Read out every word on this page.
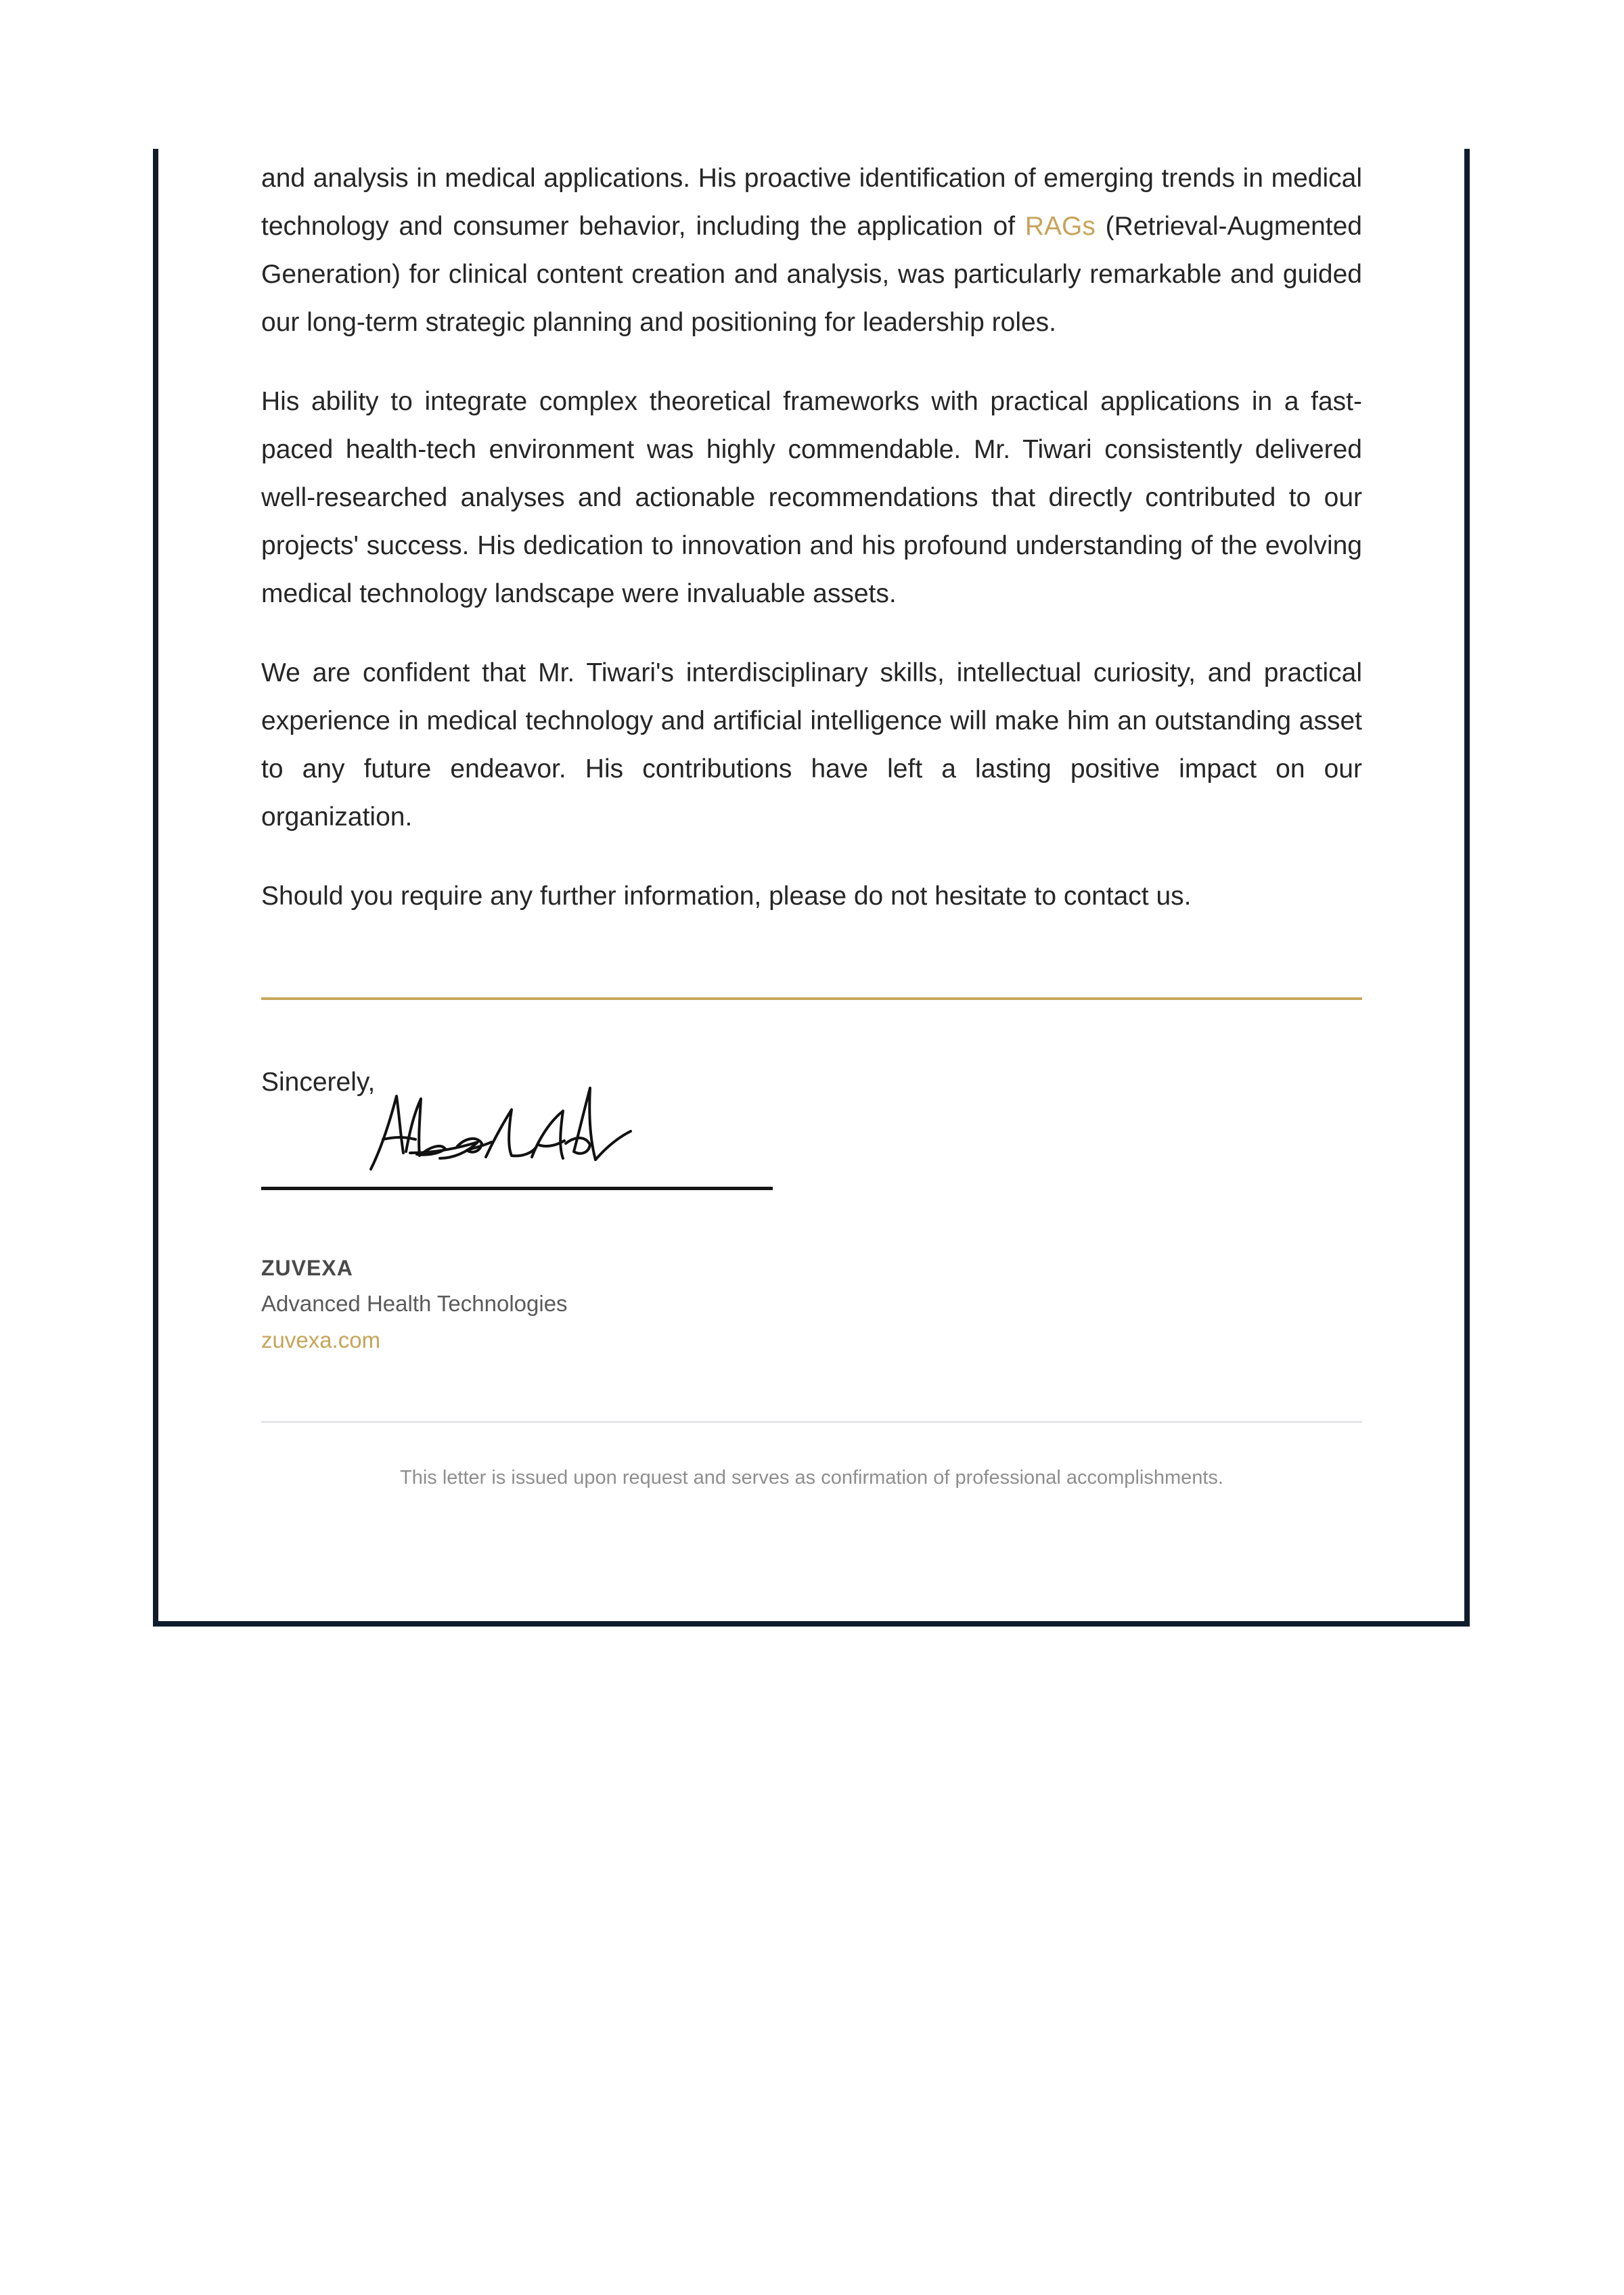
and analysis in medical applications. His proactive identification of emerging trends in medical technology and consumer behavior, including the application of RAGs (Retrieval-Augmented Generation) for clinical content creation and analysis, was particularly remarkable and guided our long-term strategic planning and positioning for leadership roles.

His ability to integrate complex theoretical frameworks with practical applications in a fast-paced health-tech environment was highly commendable. Mr. Tiwari consistently delivered well-researched analyses and actionable recommendations that directly contributed to our projects' success. His dedication to innovation and his profound understanding of the evolving medical technology landscape were invaluable assets.

We are confident that Mr. Tiwari's interdisciplinary skills, intellectual curiosity, and practical experience in medical technology and artificial intelligence will make him an outstanding asset to any future endeavor. His contributions have left a lasting positive impact on our organization.

Should you require any further information, please do not hesitate to contact us.

Sincerely,
ZUVEXA
Advanced Health Technologies
zuvexa.com
This letter is issued upon request and serves as confirmation of professional accomplishments.
